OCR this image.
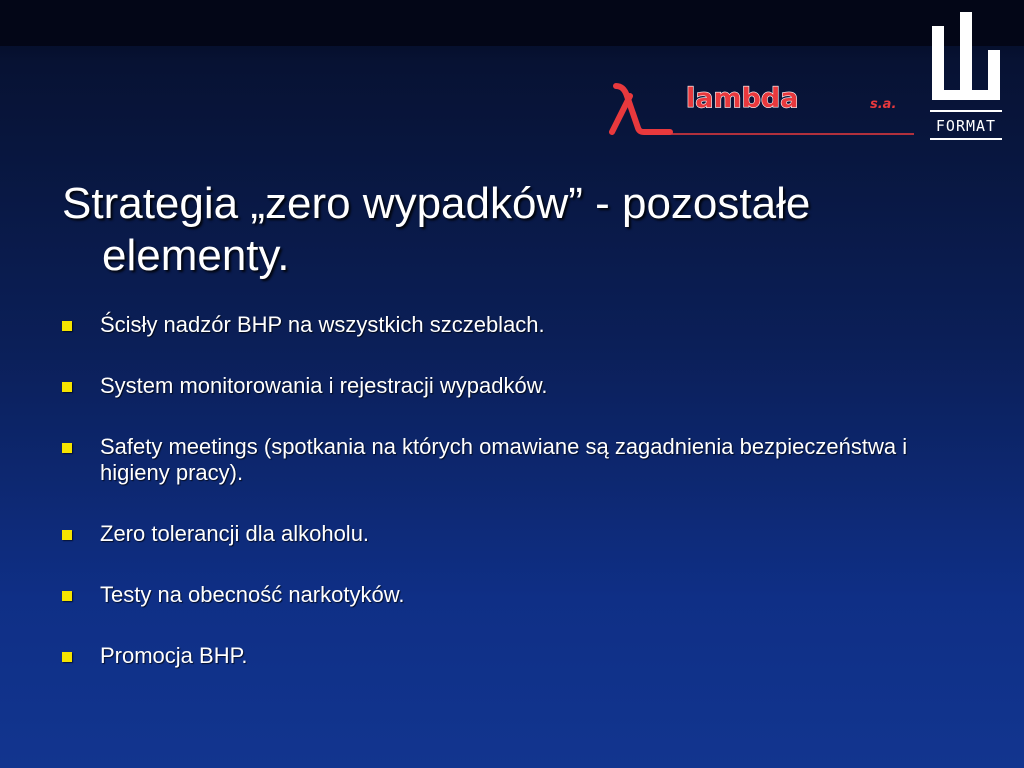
lambda	s.a.
FORMAT
Strategia „zero wypadków” - pozostałe elementy.
Ścisły nadzór BHP na wszystkich szczeblach.
System monitorowania i rejestracji wypadków.
Safety meetings (spotkania na których omawiane są zagadnienia bezpieczeństwa i higieny pracy).
Zero tolerancji dla alkoholu.
Testy na obecność narkotyków.
Promocja BHP.
